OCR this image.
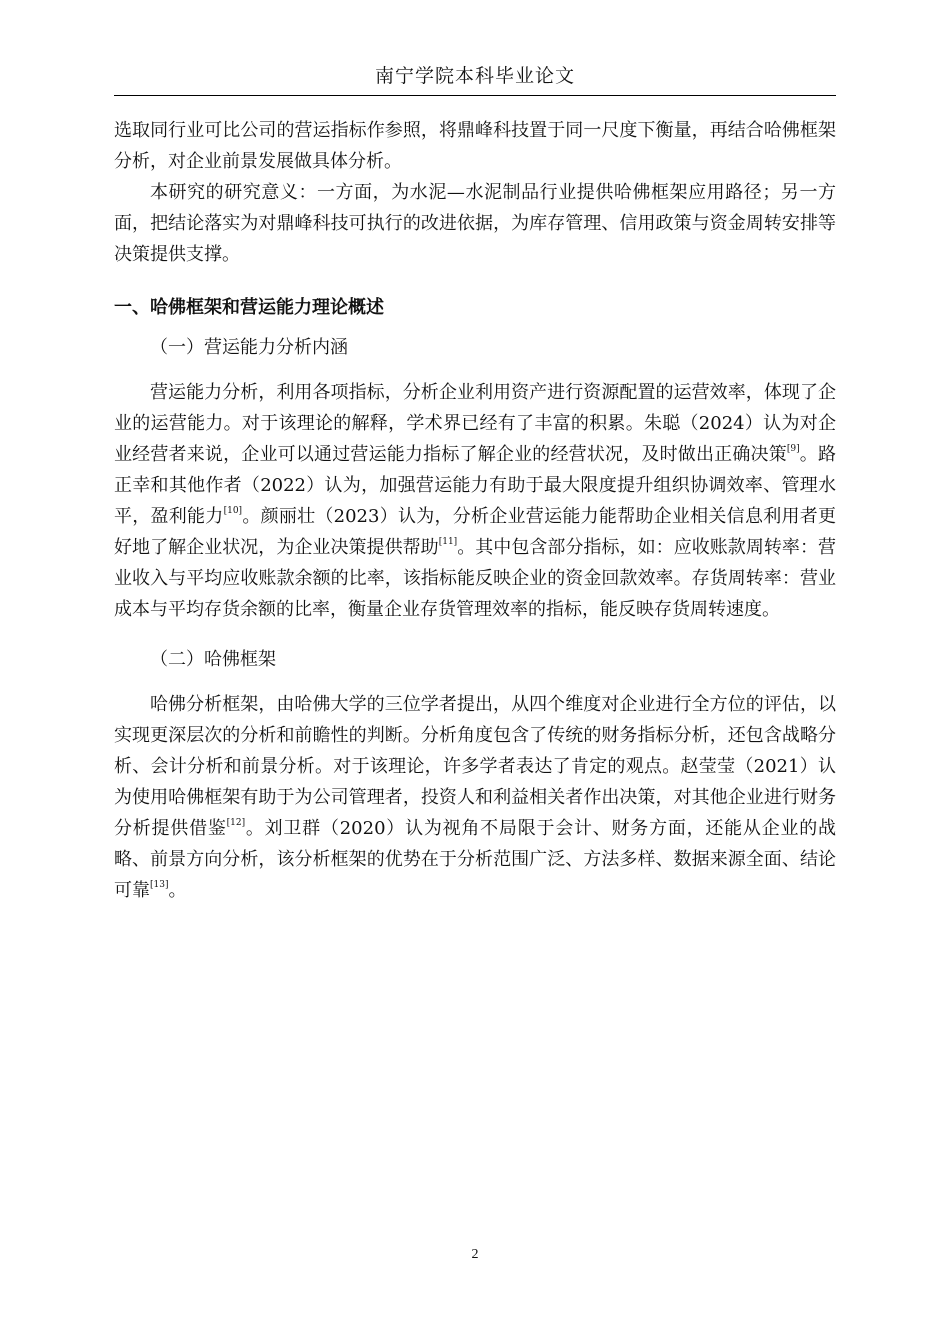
南宁学院本科毕业论文

选取同行业可比公司的营运指标作参照，将鼎峰科技置于同一尺度下衡量，再结合哈佛框架分析，对企业前景发展做具体分析。

本研究的研究意义：一方面，为水泥—水泥制品行业提供哈佛框架应用路径；另一方面，把结论落实为对鼎峰科技可执行的改进依据，为库存管理、信用政策与资金周转安排等决策提供支撑。

一、哈佛框架和营运能力理论概述

（一）营运能力分析内涵

营运能力分析，利用各项指标，分析企业利用资产进行资源配置的运营效率，体现了企业的运营能力。对于该理论的解释，学术界已经有了丰富的积累。朱聪（2024）认为对企业经营者来说，企业可以通过营运能力指标了解企业的经营状况，及时做出正确决策[9]。路正幸和其他作者（2022）认为，加强营运能力有助于最大限度提升组织协调效率、管理水平，盈利能力[10]。颜丽壮（2023）认为，分析企业营运能力能帮助企业相关信息利用者更好地了解企业状况，为企业决策提供帮助[11]。其中包含部分指标，如：应收账款周转率：营业收入与平均应收账款余额的比率，该指标能反映企业的资金回款效率。存货周转率：营业成本与平均存货余额的比率，衡量企业存货管理效率的指标，能反映存货周转速度。

（二）哈佛框架

哈佛分析框架，由哈佛大学的三位学者提出，从四个维度对企业进行全方位的评估，以实现更深层次的分析和前瞻性的判断。分析角度包含了传统的财务指标分析，还包含战略分析、会计分析和前景分析。对于该理论，许多学者表达了肯定的观点。赵莹莹（2021）认为使用哈佛框架有助于为公司管理者，投资人和利益相关者作出决策，对其他企业进行财务分析提供借鉴[12]。刘卫群（2020）认为视角不局限于会计、财务方面，还能从企业的战略、前景方向分析，该分析框架的优势在于分析范围广泛、方法多样、数据来源全面、结论可靠[13]。

2
